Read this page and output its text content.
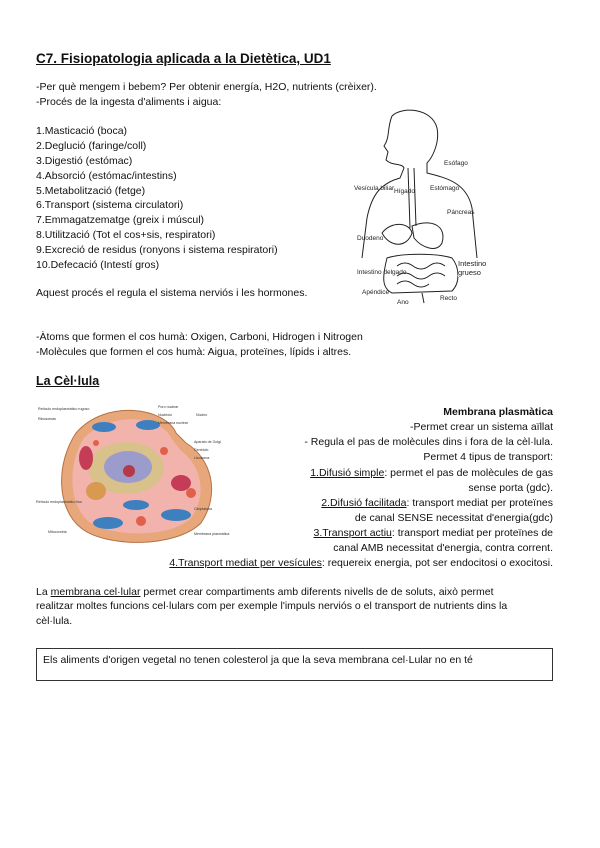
C7. Fisiopatologia aplicada a la Dietètica, UD1
-Per què mengem i bebem? Per obtenir energía, H2O, nutrients (crèixer).
-Procés de la ingesta d'aliments i aigua:
1.Masticació (boca)
2.Deglució (faringe/coll)
3.Digestió (estómac)
4.Absorció (estómac/intestins)
5.Metabolització (fetge)
6.Transport (sistema circulatori)
7.Emmagatzematge (greix i múscul)
8.Utilització (Tot el cos+sis, respiratori)
9.Excreció de residus (ronyons i sistema respiratori)
10.Defecació (Intestí gros)
Aquest procés el regula el sistema nerviós i les hormones.
Esófago
Vesícula biliar Hígado Estómago
Páncreas
Duodeno
Intestino delgado
Apéndice
Ano
Recto
Intestino grueso
-Àtoms que formen el cos humà: Oxigen, Carboni, Hidrogen i Nitrogen
-Molècules que formen el cos humà: Aigua, proteïnes, lípids i altres.
La Cèl·lula
Retículo endoplasmático rugoso
Ribosomas
Poro nuclear
Nucléolo
Membrana nuclear
Núcleo
Aparato de Golgi
Centriolo
Lisosoma
Retículo endoplasmático liso
Citoplasma
Mitocondria	Membrana plasmática
Membrana plasmàtica
-Permet crear un sistema aïllat
- Regula el pas de molècules dins i fora de la cèl·lula.
Permet 4 tipus de transport:
1.Difusió simple: permet el pas de molècules de gas
sense porta (gdc).
2.Difusió facilitada: transport mediat per proteïnes
de canal SENSE necessitat d'energia(gdc)
3.Transport actiu: transport mediat per proteïnes de
canal AMB necessitat d'energia, contra corrent.
4.Transport mediat per vesícules: requereix energia, pot ser endocitosi o exocitosi.
La membrana cel·lular permet crear compartiments amb diferents nivells de de soluts, això permet
realitzar moltes funcions cel·lulars com per exemple l'impuls nerviós o el transport de nutrients dins la
cèl·lula.
Els aliments d'origen vegetal no tenen colesterol ja que la seva membrana cel·Lular no en té
